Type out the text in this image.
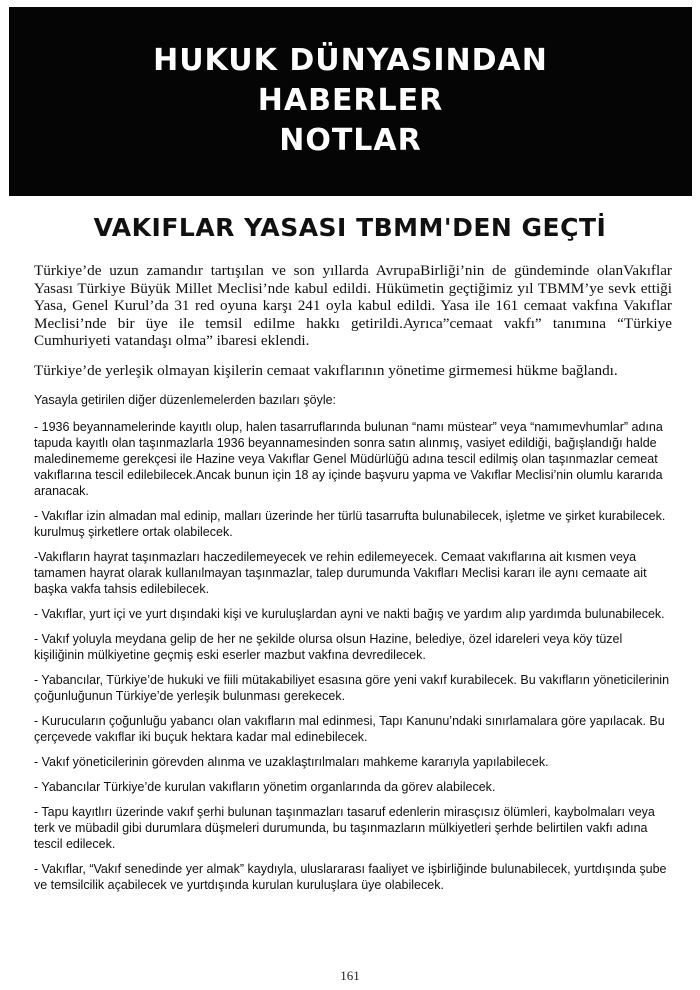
HUKUK DÜNYASINDAN
HABERLER
NOTLAR
VAKIFLAR YASASI TBMM'DEN GEÇTİ

Türkiye’de uzun zamandır tartışılan ve son yıllarda AvrupaBirliği’nin de gündeminde olanVakıflar Yasası Türkiye Büyük Millet Meclisi’nde kabul edildi. Hükümetin geçtiğimiz yıl TBMM’ye sevk ettiği Yasa, Genel Kurul’da 31 red oyuna karşı 241 oyla kabul edildi. Yasa ile 161 cemaat vakfına Vakıflar Meclisi’nde bir üye ile temsil edilme hakkı getirildi.Ayrıca”cemaat vakfı” tanımına “Türkiye Cumhuriyeti vatandaşı olma” ibaresi eklendi.

Türkiye’de yerleşik olmayan kişilerin cemaat vakıflarının yönetime girmemesi hükme bağlandı.

Yasayla getirilen diğer düzenlemelerden bazıları şöyle:

- 1936 beyannamelerinde kayıtlı olup, halen tasarruflarında bulunan “namı müstear” veya “namımevhumlar” adına tapuda kayıtlı olan taşınmazlarla 1936 beyannamesinden sonra satın alınmış, vasiyet edildiği, bağışlandığı halde maledinememe gerekçesi ile Hazine veya Vakıflar Genel Müdürlüğü adına tescil edilmiş olan taşınmazlar cemeat vakıflarına tescil edilebilecek.Ancak bunun için 18 ay içinde başvuru yapma ve Vakıflar Meclisi’nin olumlu kararıda aranacak.

- Vakıflar izin almadan mal edinip, malları üzerinde her türlü tasarrufta bulunabilecek, işletme ve şirket kurabilecek. kurulmuş şirketlere ortak olabilecek.

-Vakıfların hayrat taşınmazları haczedilemeyecek ve rehin edilemeyecek. Cemaat vakıflarına ait kısmen veya tamamen hayrat olarak kullanılmayan taşınmazlar, talep durumunda Vakıfları Meclisi kararı ile aynı cemaate ait başka vakfa tahsis edilebilecek.

- Vakıflar, yurt içi ve yurt dışındaki kişi ve kuruluşlardan ayni ve nakti bağış ve yardım alıp yardımda bulunabilecek.

- Vakıf yoluyla meydana gelip de her ne şekilde olursa olsun Hazine, belediye, özel idareleri veya köy tüzel kişiliğinin mülkiyetine geçmiş eski eserler mazbut vakfına devredilecek.

- Yabancılar, Türkiye’de hukuki ve fiili mütakabiliyet esasına göre yeni vakıf kurabilecek. Bu vakıfların yöneticilerinin çoğunluğunun Türkiye’de yerleşik bulunması gerekecek.

- Kurucuların çoğunluğu yabancı olan vakıfların mal edinmesi, Tapı Kanunu’ndaki sınırlamalara göre yapılacak. Bu çerçevede vakıflar iki buçuk hektara kadar mal edinebilecek.

- Vakıf yöneticilerinin görevden alınma ve uzaklaştırılmaları mahkeme kararıyla yapılabilecek.

- Yabancılar Türkiye’de kurulan vakıfların yönetim organlarında da görev alabilecek.

- Tapu kayıtlırı üzerinde vakıf şerhi bulunan taşınmazları tasaruf edenlerin mirasçısız ölümleri, kaybolmaları veya terk ve mübadil gibi durumlara düşmeleri durumunda, bu taşınmazların mülkiyetleri şerhde belirtilen vakfı adına tescil edilecek.

- Vakıflar, “Vakıf senedinde yer almak” kaydıyla, uluslararası faaliyet ve işbirliğinde bulunabilecek, yurtdışında şube ve temsilcilik açabilecek ve yurtdışında kurulan kuruluşlara üye olabilecek.

161
